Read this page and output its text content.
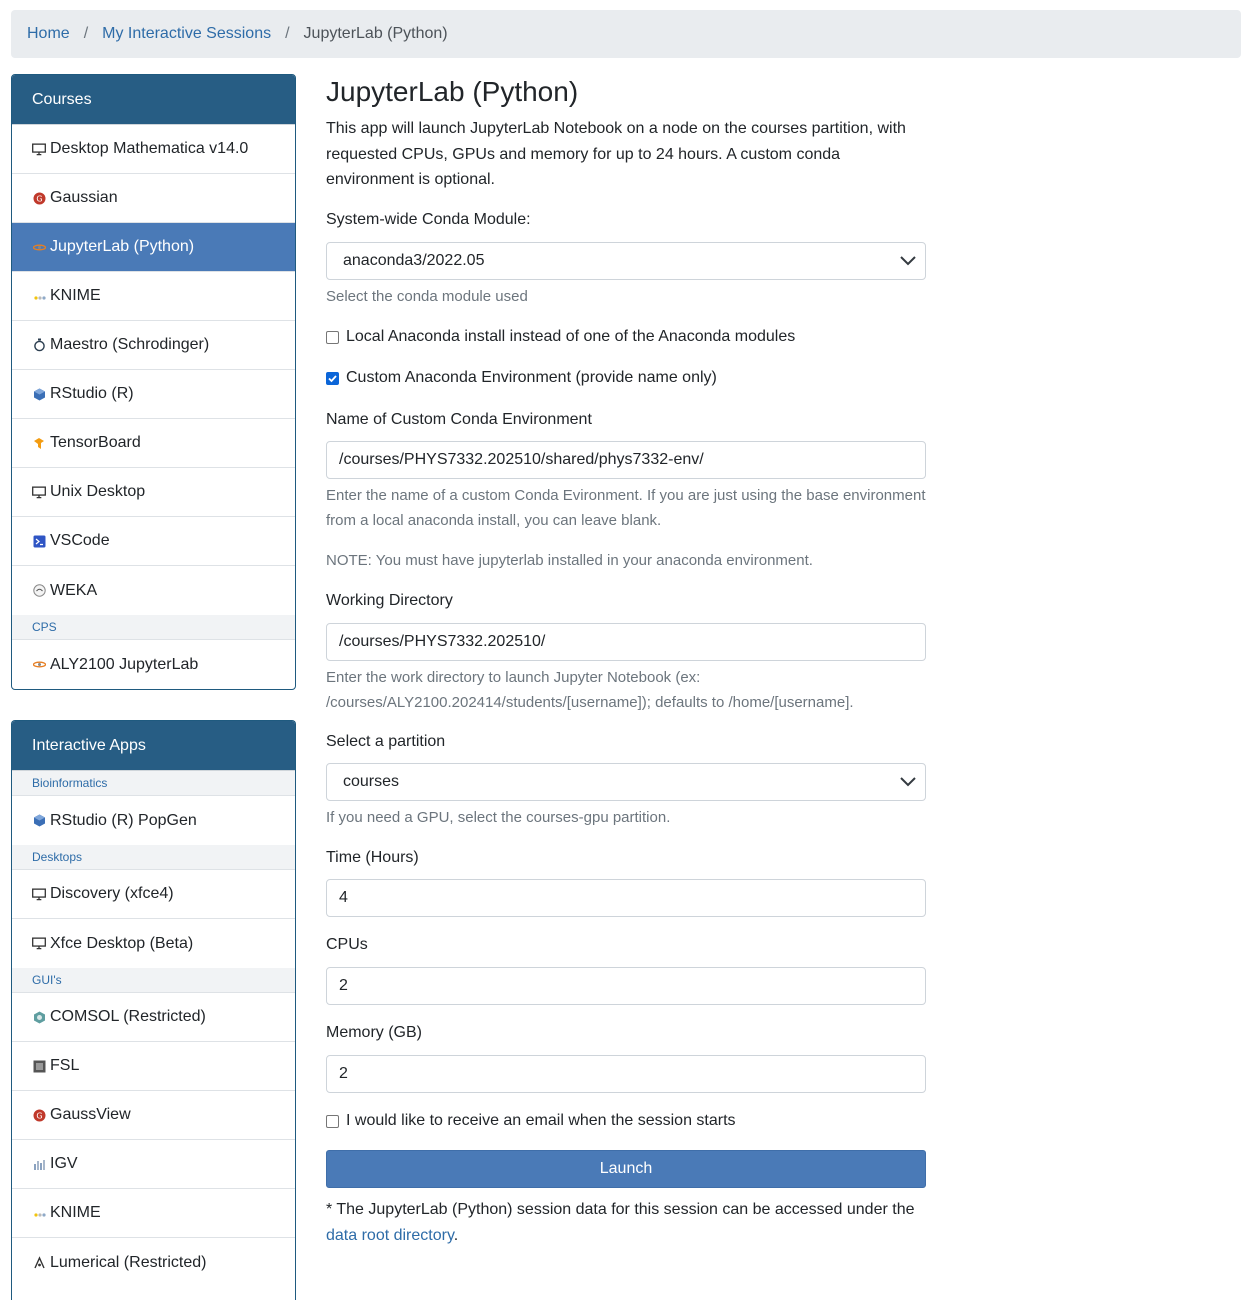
Home / My Interactive Sessions / JupyterLab (Python)
Courses
Desktop Mathematica v14.0
G Gaussian
JupyterLab (Python)
KNIME
Maestro (Schrodinger)
RStudio (R)
TensorBoard
Unix Desktop
VSCode
WEKA
CPS
ALY2100 JupyterLab
Interactive Apps
Bioinformatics
RStudio (R) PopGen
Desktops
Discovery (xfce4)
Xfce Desktop (Beta)
GUI's
COMSOL (Restricted)
FSL
G GaussView
IGV
KNIME
Lumerical (Restricted)
JupyterLab (Python)
This app will launch JupyterLab Notebook on a node on the courses partition, with requested CPUs, GPUs and memory for up to 24 hours. A custom conda environment is optional.
System-wide Conda Module:
anaconda3/2022.05
Select the conda module used
Local Anaconda install instead of one of the Anaconda modules
Custom Anaconda Environment (provide name only)
Name of Custom Conda Environment
/courses/PHYS7332.202510/shared/phys7332-env/
Enter the name of a custom Conda Evironment. If you are just using the base environment from a local anaconda install, you can leave blank.
NOTE: You must have jupyterlab installed in your anaconda environment.
Working Directory
/courses/PHYS7332.202510/
Enter the work directory to launch Jupyter Notebook (ex: /courses/ALY2100.202414/students/[username]); defaults to /home/[username].
Select a partition
courses
If you need a GPU, select the courses-gpu partition.
Time (Hours)
4
CPUs
2
Memory (GB)
2
I would like to receive an email when the session starts
Launch
* The JupyterLab (Python) session data for this session can be accessed under the data root directory.
